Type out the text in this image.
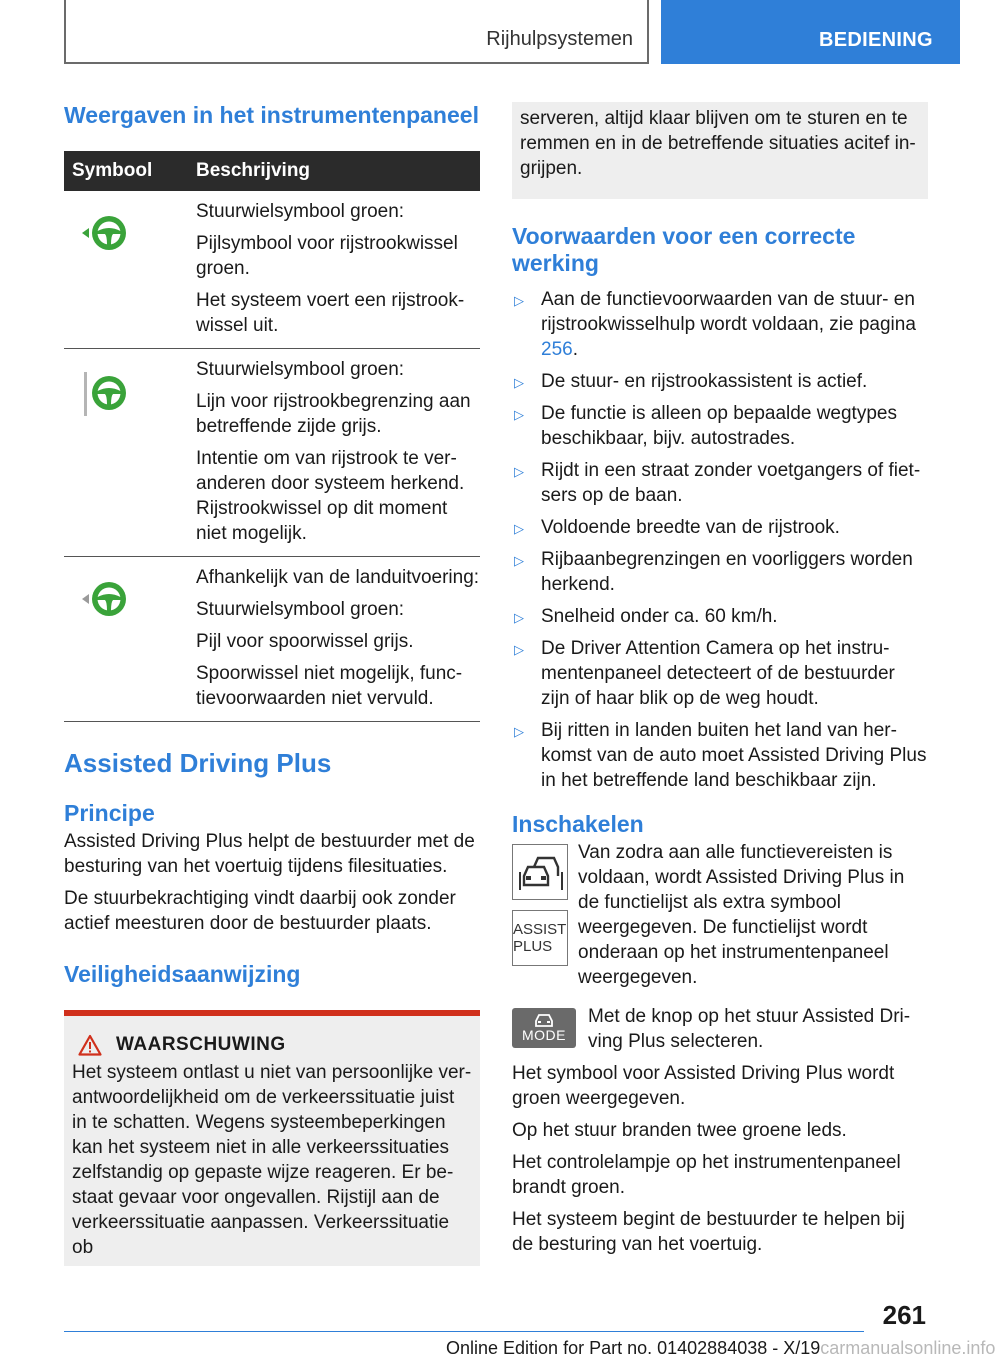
Rijhulpsystemen	BEDIENING
Weergaven in het instrumentenpaneel
Symbool	Beschrijving

Stuurwielsymbool groen:
Pijlsymbool voor rijstrookwissel groen.
Het systeem voert een rijstrookwissel uit.

Stuurwielsymbool groen:
Lijn voor rijstrookbegrenzing aan betreffende zijde grijs.
Intentie om van rijstrook te veranderen door systeem herkend. Rijstrookwissel op dit moment niet mogelijk.

Afhankelijk van de landuitvoering:
Stuurwielsymbool groen:
Pijl voor spoorwissel grijs.
Spoorwissel niet mogelijk, functievoorwaarden niet vervuld.
Assisted Driving Plus
Principe

Assisted Driving Plus helpt de bestuurder met de besturing van het voertuig tijdens filesituaties.

De stuurbekrachtiging vindt daarbij ook zonder actief meesturen door de bestuurder plaats.

Veiligheidsaanwijzing
WAARSCHUWING

Het systeem ontlast u niet van persoonlijke verantwoordelijkheid om de verkeerssituatie juist in te schatten. Wegens systeembeperkingen kan het systeem niet in alle verkeerssituaties zelfstandig op gepaste wijze reageren. Er bestaat gevaar voor ongevallen. Rijstijl aan de verkeerssituatie aanpassen. Verkeerssituatie ob

serveren, altijd klaar blijven om te sturen en te remmen en in de betreffende situaties acitef ingrijpen.

Voorwaarden voor een correcte werking
▷ Aan de functievoorwaarden van de stuur- en rijstrookwisselhulp wordt voldaan, zie pagina 256.
▷ De stuur- en rijstrookassistent is actief.
▷ De functie is alleen op bepaalde wegtypes beschikbaar, bijv. autostrades.
▷ Rijdt in een straat zonder voetgangers of fietsers op de baan.
▷ Voldoende breedte van de rijstrook.
▷ Rijbaanbegrenzingen en voorliggers worden herkend.
▷ Snelheid onder ca. 60 km/h.
▷ De Driver Attention Camera op het instrumentenpaneel detecteert of de bestuurder zijn of haar blik op de weg houdt.
▷ Bij ritten in landen buiten het land van herkomst van de auto moet Assisted Driving Plus in het betreffende land beschikbaar zijn.
Inschakelen
ASSIST PLUS

Van zodra aan alle functievereisten is voldaan, wordt Assisted Driving Plus in de functielijst als extra symbool weergegeven. De functielijst wordt onderaan op het instrumentenpaneel weergegeven.

MODE

Met de knop op het stuur Assisted Driving Plus selecteren.

Het symbool voor Assisted Driving Plus wordt groen weergegeven.

Op het stuur branden twee groene leds.

Het controlelampje op het instrumentenpaneel brandt groen.

Het systeem begint de bestuurder te helpen bij de besturing van het voertuig.

261
Online Edition for Part no. 01402884038 - X/19carmanualsonline.info
